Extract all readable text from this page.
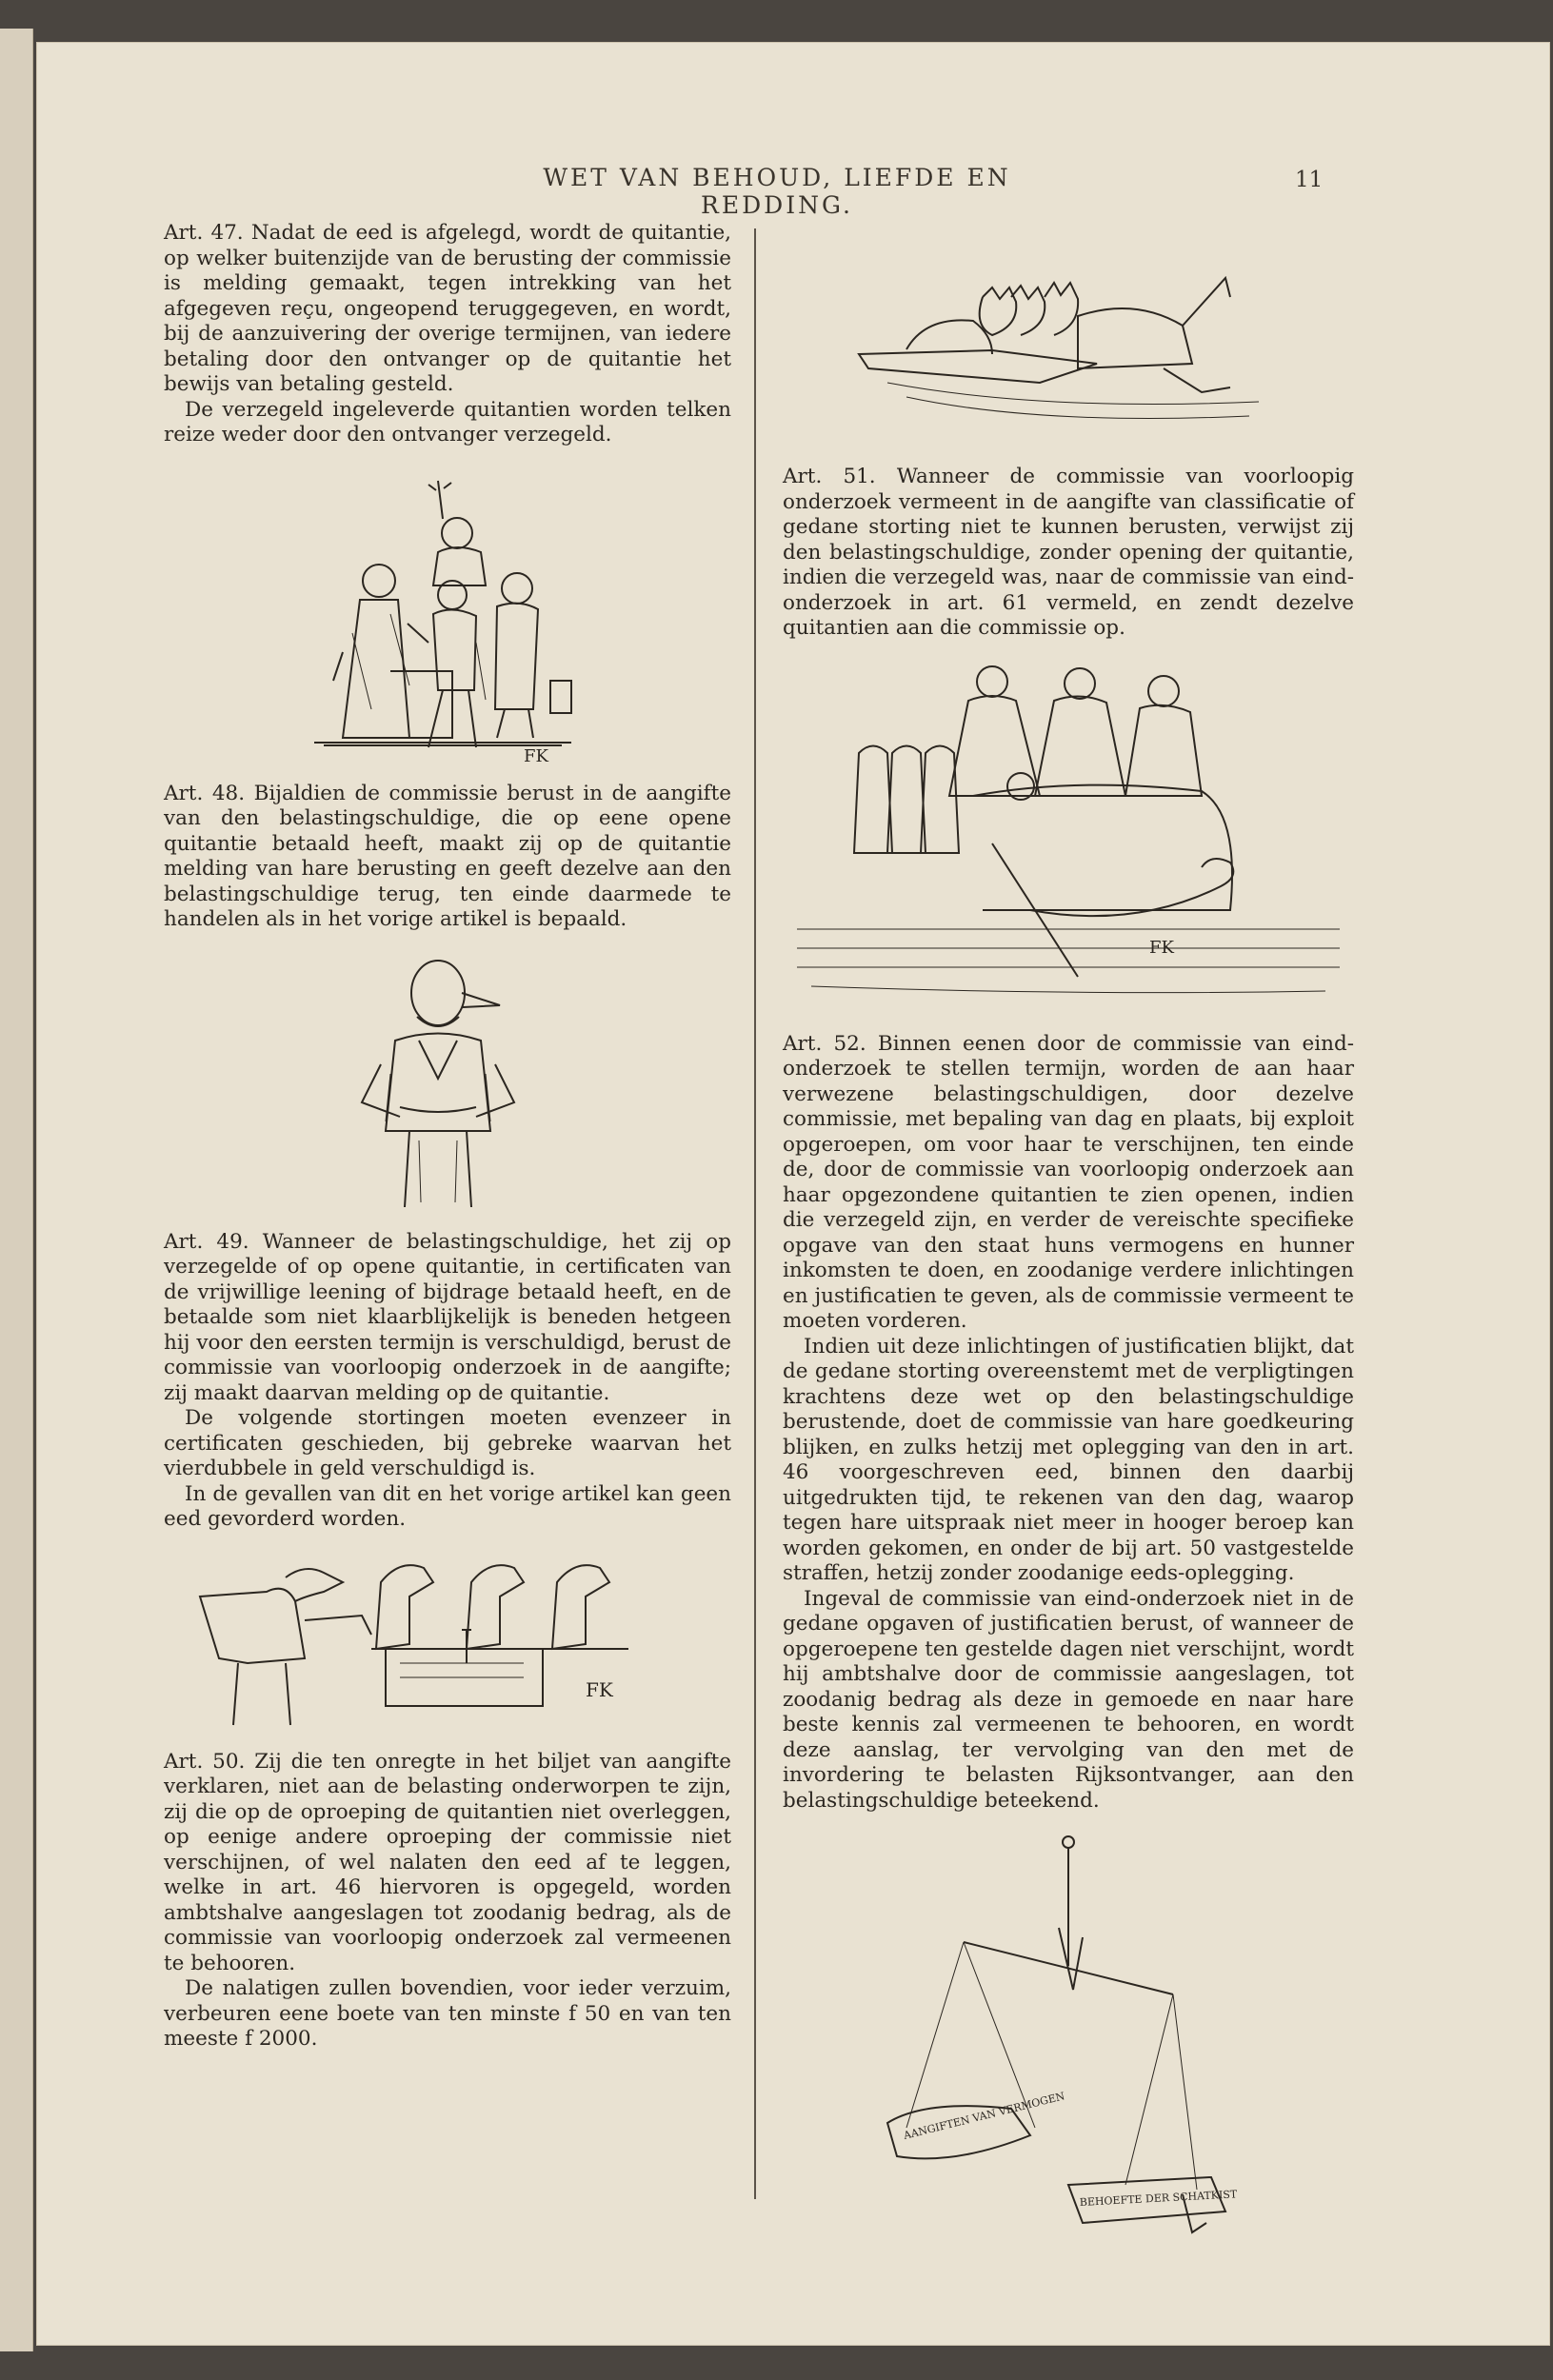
WET VAN BEHOUD, LIEFDE EN REDDING.
11

Art. 47. Nadat de eed is afgelegd, wordt de quitantie, op welker buitenzijde van de berusting der commissie is melding gemaakt, tegen intrekking van het afgegeven reçu, ongeopend teruggegeven, en wordt, bij de aanzuivering der overige termijnen, van iedere betaling door den ontvanger op de quitantie het bewijs van betaling gesteld.

De verzegeld ingeleverde quitantien worden telken reize weder door den ontvanger verzegeld.

FK

Art. 48. Bijaldien de commissie berust in de aangifte van den belastingschuldige, die op eene opene quitantie betaald heeft, maakt zij op de quitantie melding van hare berusting en geeft dezelve aan den belastingschuldige terug, ten einde daarmede te handelen als in het vorige artikel is bepaald.

Art. 49. Wanneer de belastingschuldige, het zij op verzegelde of op opene quitantie, in certificaten van de vrijwillige leening of bijdrage betaald heeft, en de betaalde som niet klaarblijkelijk is beneden hetgeen hij voor den eersten termijn is verschuldigd, berust de commissie van voorloopig onderzoek in de aangifte; zij maakt daarvan melding op de quitantie.

De volgende stortingen moeten evenzeer in certificaten geschieden, bij gebreke waarvan het vierdubbele in geld verschuldigd is.

In de gevallen van dit en het vorige artikel kan geen eed gevorderd worden.

FK

Art. 50. Zij die ten onregte in het biljet van aangifte verklaren, niet aan de belasting onderworpen te zijn, zij die op de oproeping de quitantien niet overleggen, op eenige andere oproeping der commissie niet verschijnen, of wel nalaten den eed af te leggen, welke in art. 46 hiervoren is opgegeld, worden ambtshalve aangeslagen tot zoodanig bedrag, als de commissie van voorloopig onderzoek zal vermeenen te behooren.

De nalatigen zullen bovendien, voor ieder verzuim, verbeuren eene boete van ten minste f 50 en van ten meeste f 2000.

Art. 51. Wanneer de commissie van voorloopig onderzoek vermeent in de aangifte van classificatie of gedane storting niet te kunnen berusten, verwijst zij den belastingschuldige, zonder opening der quitantie, indien die verzegeld was, naar de commissie van eind-onderzoek in art. 61 vermeld, en zendt dezelve quitantien aan die commissie op.

FK

Art. 52. Binnen eenen door de commissie van eind-onderzoek te stellen termijn, worden de aan haar verwezene belastingschuldigen, door dezelve commissie, met bepaling van dag en plaats, bij exploit opgeroepen, om voor haar te verschijnen, ten einde de, door de commissie van voorloopig onderzoek aan haar opgezondene quitantien te zien openen, indien die verzegeld zijn, en verder de vereischte specifieke opgave van den staat huns vermogens en hunner inkomsten te doen, en zoodanige verdere inlichtingen en justificatien te geven, als de commissie vermeent te moeten vorderen.

Indien uit deze inlichtingen of justificatien blijkt, dat de gedane storting overeenstemt met de verpligtingen krachtens deze wet op den belastingschuldige berustende, doet de commissie van hare goedkeuring blijken, en zulks hetzij met oplegging van den in art. 46 voorgeschreven eed, binnen den daarbij uitgedrukten tijd, te rekenen van den dag, waarop tegen hare uitspraak niet meer in hooger beroep kan worden gekomen, en onder de bij art. 50 vastgestelde straffen, hetzij zonder zoodanige eeds-oplegging.

Ingeval de commissie van eind-onderzoek niet in de gedane opgaven of justificatien berust, of wanneer de opgeroepene ten gestelde dagen niet verschijnt, wordt hij ambtshalve door de commissie aangeslagen, tot zoodanig bedrag als deze in gemoede en naar hare beste kennis zal vermeenen te behooren, en wordt deze aanslag, ter vervolging van den met de invordering te belasten Rijksontvanger, aan den belastingschuldige beteekend.

AANGIFTEN VAN VERMOGEN
BEHOEFTE DER SCHATKIST
